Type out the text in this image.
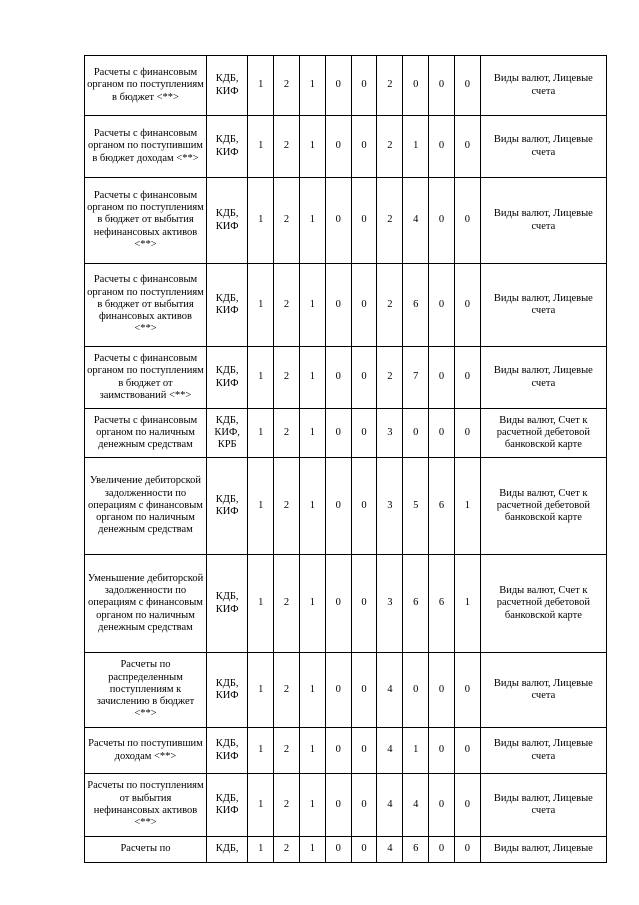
Расчеты с финансовым органом по поступлениям в бюджет <**>	КДБ, КИФ	1	2	1	0	0	2	0	0	0	Виды валют, Лицевые счета
Расчеты с финансовым органом по поступившим в бюджет доходам <**>	КДБ, КИФ	1	2	1	0	0	2	1	0	0	Виды валют, Лицевые счета
Расчеты с финансовым органом по поступлениям в бюджет от выбытия нефинансовых активов <**>	КДБ, КИФ	1	2	1	0	0	2	4	0	0	Виды валют, Лицевые счета
Расчеты с финансовым органом по поступлениям в бюджет от выбытия финансовых активов <**>	КДБ, КИФ	1	2	1	0	0	2	6	0	0	Виды валют, Лицевые счета
Расчеты с финансовым органом по поступлениям в бюджет от заимствований <**>	КДБ, КИФ	1	2	1	0	0	2	7	0	0	Виды валют, Лицевые счета
Расчеты с финансовым органом по наличным денежным средствам	КДБ, КИФ, КРБ	1	2	1	0	0	3	0	0	0	Виды валют, Счет к расчетной дебетовой банковской карте
Увеличение дебиторской задолженности по операциям с финансовым органом по наличным денежным средствам	КДБ, КИФ	1	2	1	0	0	3	5	6	1	Виды валют, Счет к расчетной дебетовой банковской карте
Уменьшение дебиторской задолженности по операциям с финансовым органом по наличным денежным средствам	КДБ, КИФ	1	2	1	0	0	3	6	6	1	Виды валют, Счет к расчетной дебетовой банковской карте
Расчеты по распределенным поступлениям к зачислению в бюджет <**>	КДБ, КИФ	1	2	1	0	0	4	0	0	0	Виды валют, Лицевые счета
Расчеты по поступившим доходам <**>	КДБ, КИФ	1	2	1	0	0	4	1	0	0	Виды валют, Лицевые счета
Расчеты по поступлениям от выбытия нефинансовых активов <**>	КДБ, КИФ	1	2	1	0	0	4	4	0	0	Виды валют, Лицевые счета
Расчеты по	КДБ,	1	2	1	0	0	4	6	0	0	Виды валют, Лицевые
